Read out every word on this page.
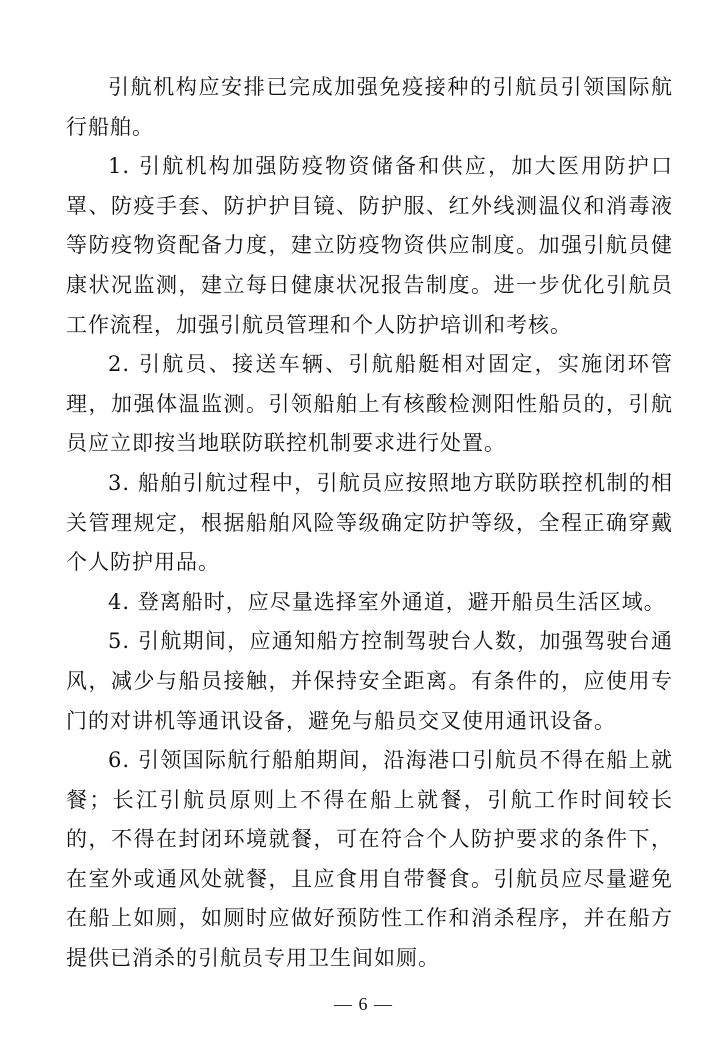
引航机构应安排已完成加强免疫接种的引航员引领国际航行船舶。

1. 引航机构加强防疫物资储备和供应，加大医用防护口罩、防疫手套、防护护目镜、防护服、红外线测温仪和消毒液等防疫物资配备力度，建立防疫物资供应制度。加强引航员健康状况监测，建立每日健康状况报告制度。进一步优化引航员工作流程，加强引航员管理和个人防护培训和考核。

2. 引航员、接送车辆、引航船艇相对固定，实施闭环管理，加强体温监测。引领船舶上有核酸检测阳性船员的，引航员应立即按当地联防联控机制要求进行处置。

3. 船舶引航过程中，引航员应按照地方联防联控机制的相关管理规定，根据船舶风险等级确定防护等级，全程正确穿戴个人防护用品。

4. 登离船时，应尽量选择室外通道，避开船员生活区域。

5. 引航期间，应通知船方控制驾驶台人数，加强驾驶台通风，减少与船员接触，并保持安全距离。有条件的，应使用专门的对讲机等通讯设备，避免与船员交叉使用通讯设备。

6. 引领国际航行船舶期间，沿海港口引航员不得在船上就餐；长江引航员原则上不得在船上就餐，引航工作时间较长的，不得在封闭环境就餐，可在符合个人防护要求的条件下，在室外或通风处就餐，且应食用自带餐食。引航员应尽量避免在船上如厕，如厕时应做好预防性工作和消杀程序，并在船方提供已消杀的引航员专用卫生间如厕。

— 6 —
